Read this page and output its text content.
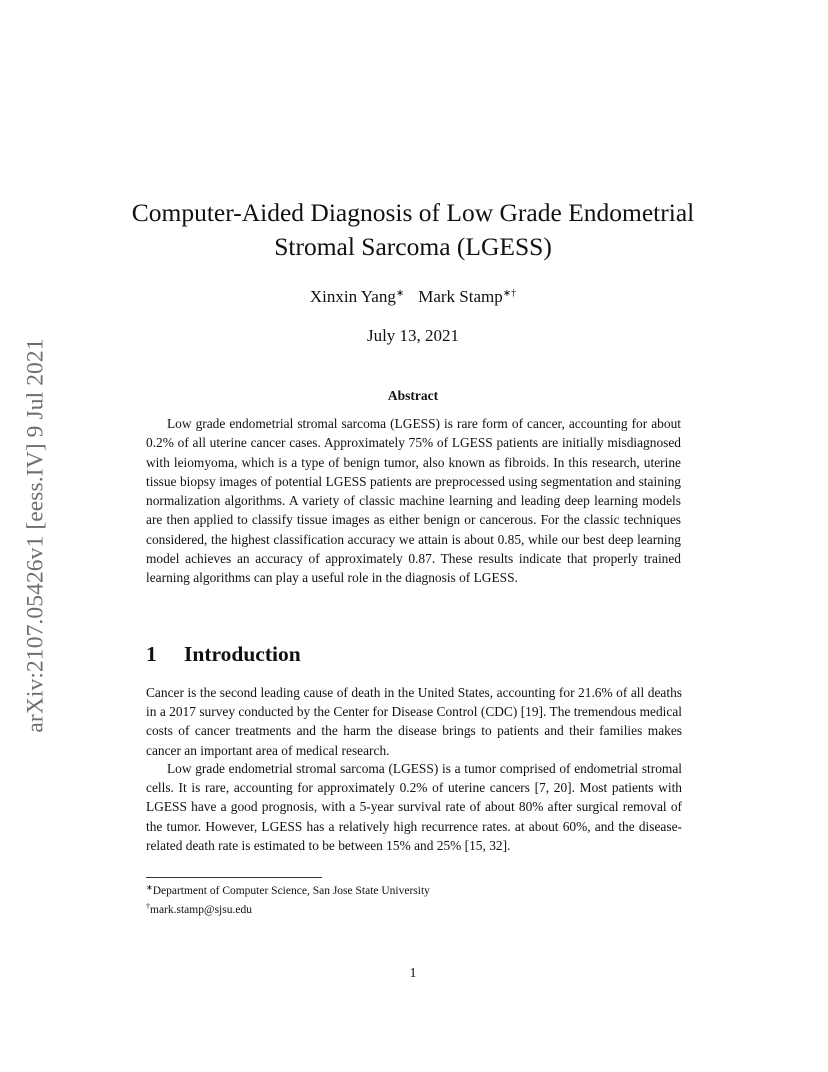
arXiv:2107.05426v1 [eess.IV] 9 Jul 2021
Computer-Aided Diagnosis of Low Grade Endometrial Stromal Sarcoma (LGESS)
Xinxin Yang∗ Mark Stamp∗†
July 13, 2021
Abstract

Low grade endometrial stromal sarcoma (LGESS) is rare form of cancer, accounting for about 0.2% of all uterine cancer cases. Approximately 75% of LGESS patients are initially misdiagnosed with leiomyoma, which is a type of benign tumor, also known as fibroids. In this research, uterine tissue biopsy images of potential LGESS patients are preprocessed using segmentation and staining normalization algorithms. A variety of classic machine learning and leading deep learning models are then applied to classify tissue images as either benign or cancerous. For the classic techniques considered, the highest classification accuracy we attain is about 0.85, while our best deep learning model achieves an accuracy of approximately 0.87. These results indicate that properly trained learning algorithms can play a useful role in the diagnosis of LGESS.

1 Introduction

Cancer is the second leading cause of death in the United States, accounting for 21.6% of all deaths in a 2017 survey conducted by the Center for Disease Control (CDC) [19]. The tremendous medical costs of cancer treatments and the harm the disease brings to patients and their families makes cancer an important area of medical research.

Low grade endometrial stromal sarcoma (LGESS) is a tumor comprised of endometrial stromal cells. It is rare, accounting for approximately 0.2% of uterine cancers [7, 20]. Most patients with LGESS have a good prognosis, with a 5-year survival rate of about 80% after surgical removal of the tumor. However, LGESS has a relatively high recurrence rates. at about 60%, and the disease-related death rate is estimated to be between 15% and 25% [15, 32].

∗Department of Computer Science, San Jose State University
†mark.stamp@sjsu.edu
1
